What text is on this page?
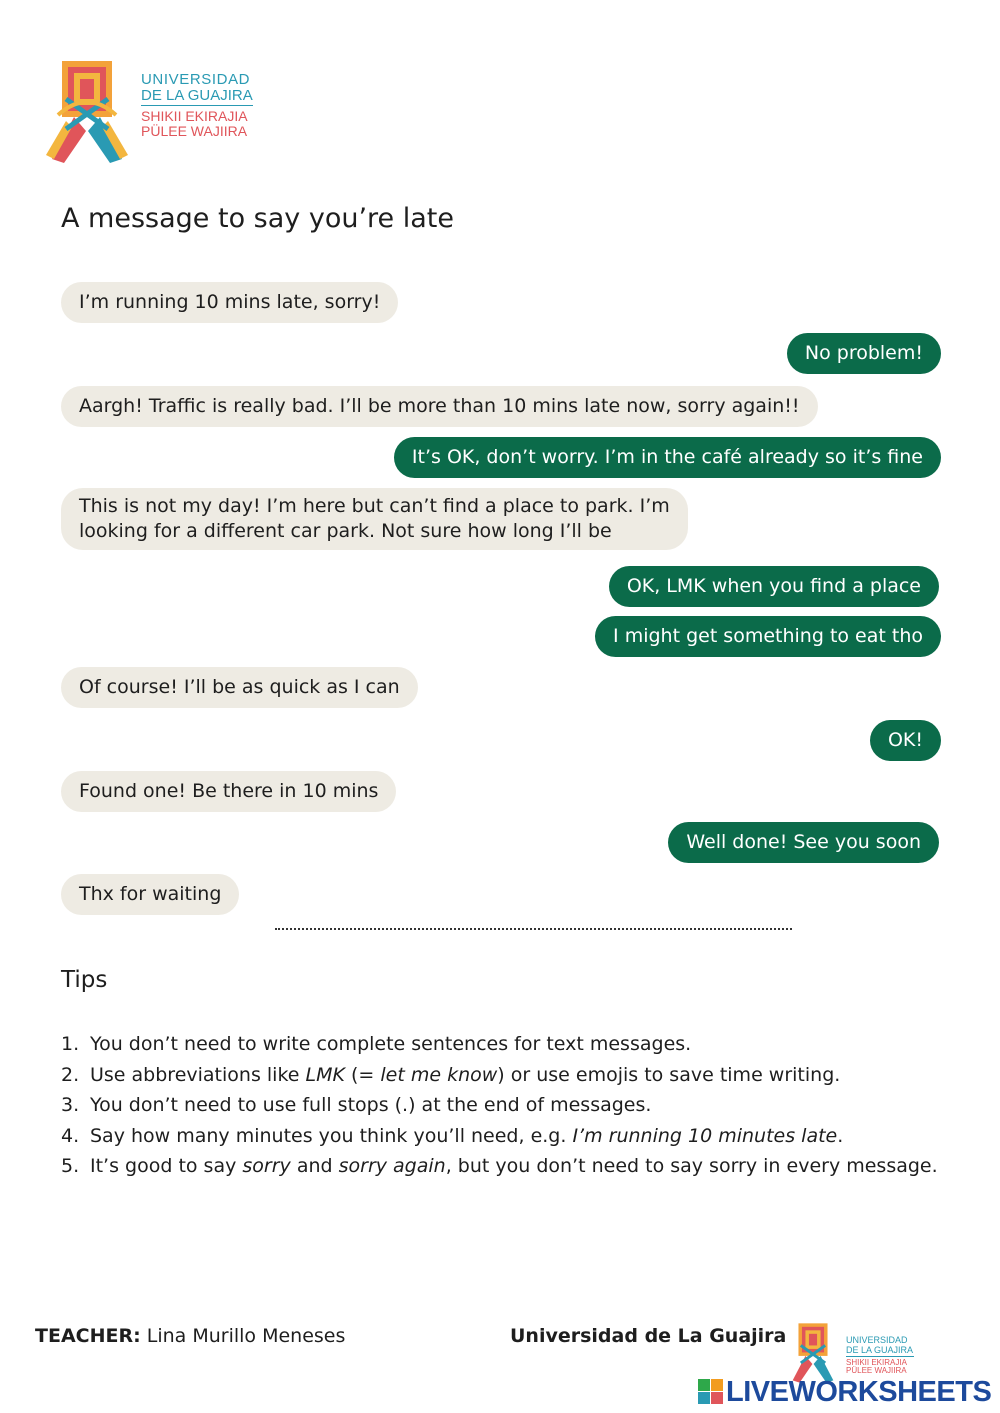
UNIVERSIDAD
DE LA GUAJIRA
SHIKII EKIRAJIA
PÜLEE WAJIIRA
A message to say you’re late
I’m running 10 mins late, sorry!
No problem!
Aargh! Traffic is really bad. I’ll be more than 10 mins late now, sorry again!!
It’s OK, don’t worry. I’m in the café already so it’s fine
This is not my day! I’m here but can’t find a place to park. I’m
looking for a different car park. Not sure how long I’ll be
OK, LMK when you find a place
I might get something to eat tho
Of course! I’ll be as quick as I can
OK!
Found one! Be there in 10 mins
Well done! See you soon
Thx for waiting
Tips
1. You don’t need to write complete sentences for text messages.
2. Use abbreviations like LMK (= let me know) or use emojis to save time writing.
3. You don’t need to use full stops (.) at the end of messages.
4. Say how many minutes you think you’ll need, e.g. I’m running 10 minutes late.
5. It’s good to say sorry and sorry again, but you don’t need to say sorry in every message.
TEACHER: Lina Murillo Meneses	Universidad de La Guajira	UNIVERSIDAD
DE LA GUAJIRA
SHIKII EKIRAJIA
PÜLEE WAJIIRA
LIVEWORKSHEETS
